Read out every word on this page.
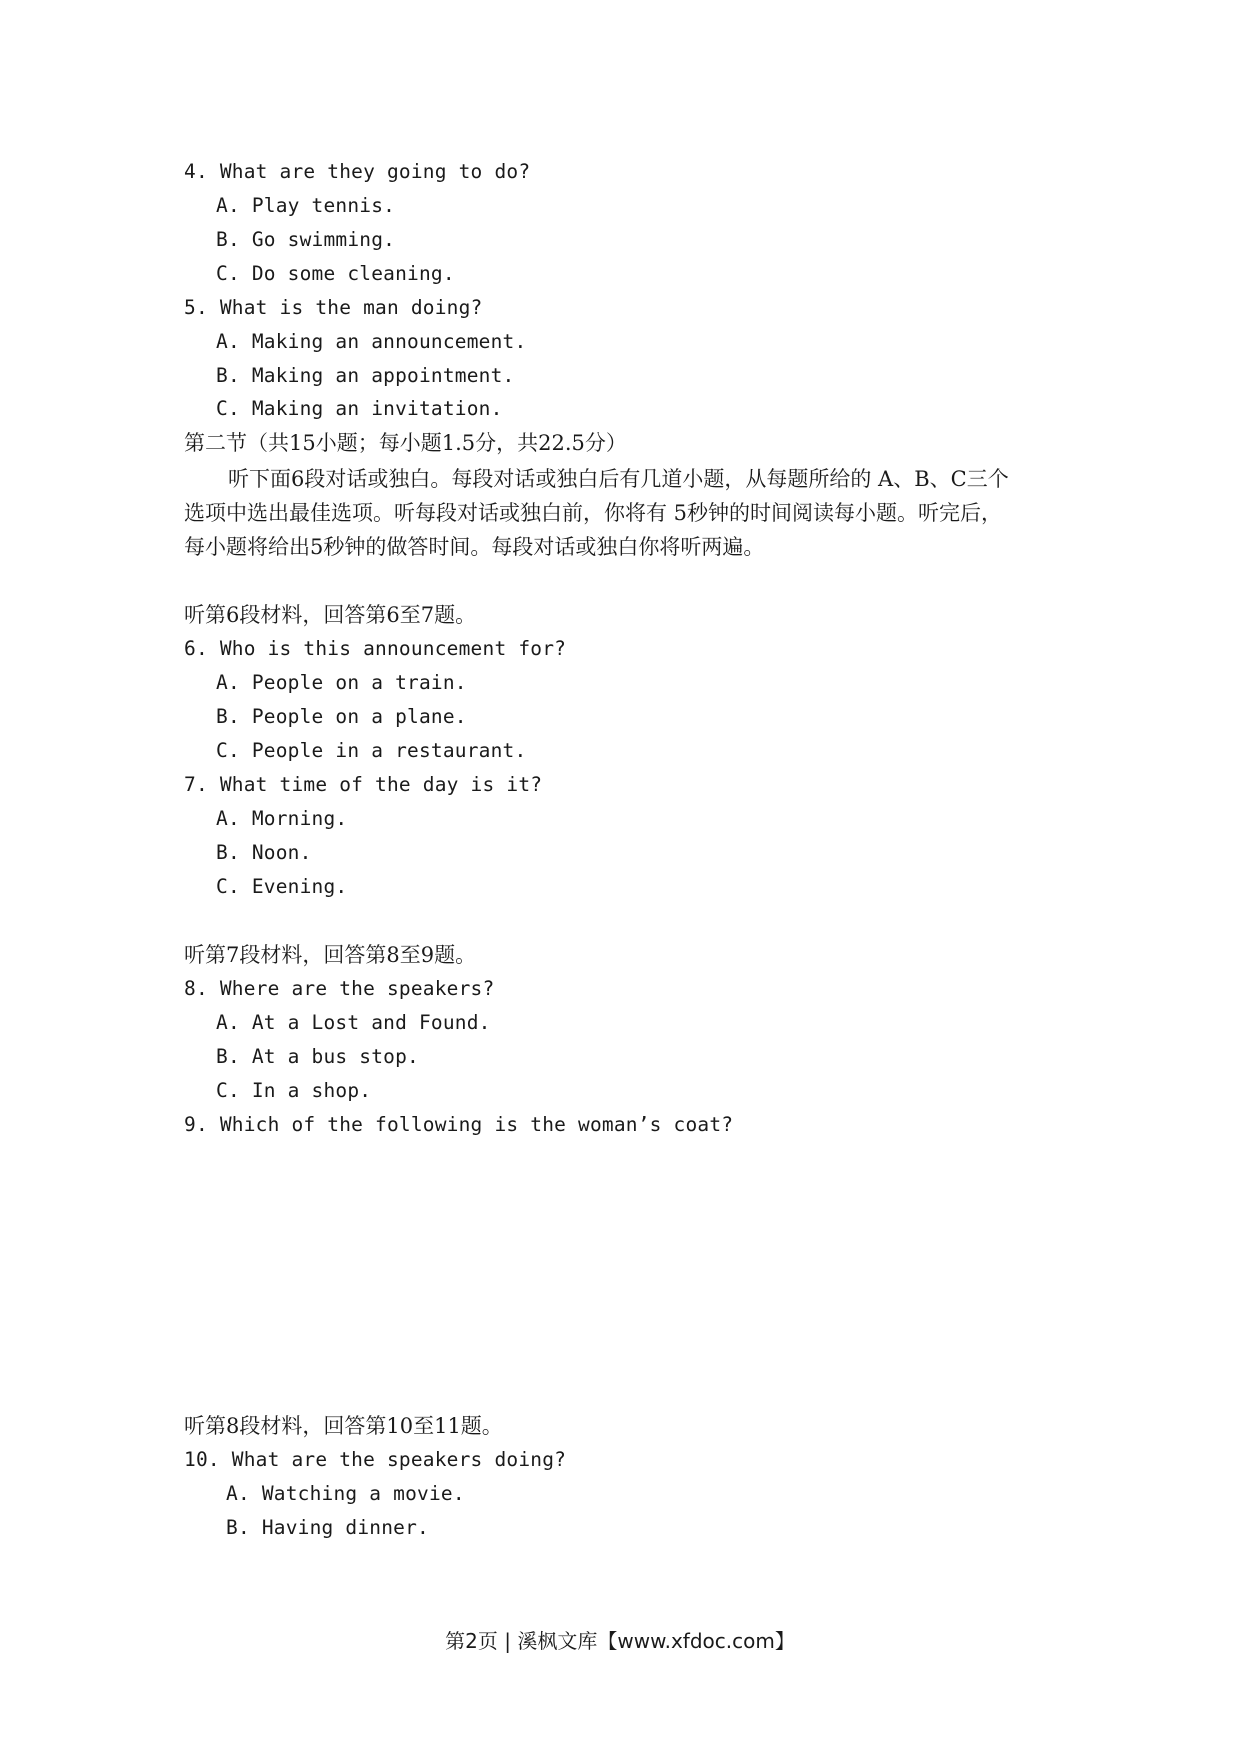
4. What are they going to do?
A. Play tennis.
B. Go swimming.
C. Do some cleaning.
5. What is the man doing?
A. Making an announcement.
B. Making an appointment.
C. Making an invitation.
第二节（共15小题；每小题1.5分，共22.5分）
听下面6段对话或独白。每段对话或独白后有几道小题，从每题所给的 A、B、C三个
选项中选出最佳选项。听每段对话或独白前，你将有 5秒钟的时间阅读每小题。听完后，
每小题将给出5秒钟的做答时间。每段对话或独白你将听两遍。
听第6段材料，回答第6至7题。
6. Who is this announcement for?
A. People on a train.
B. People on a plane.
C. People in a restaurant.
7. What time of the day is it?
A. Morning.
B. Noon.
C. Evening.
听第7段材料，回答第8至9题。
8. Where are the speakers?
A. At a Lost and Found.
B. At a bus stop.
C. In a shop.
9. Which of the following is the woman’s coat?
听第8段材料，回答第10至11题。
10. What are the speakers doing?
A. Watching a movie.
B. Having dinner.
第2页 | 溪枫文库【www.xfdoc.com】
